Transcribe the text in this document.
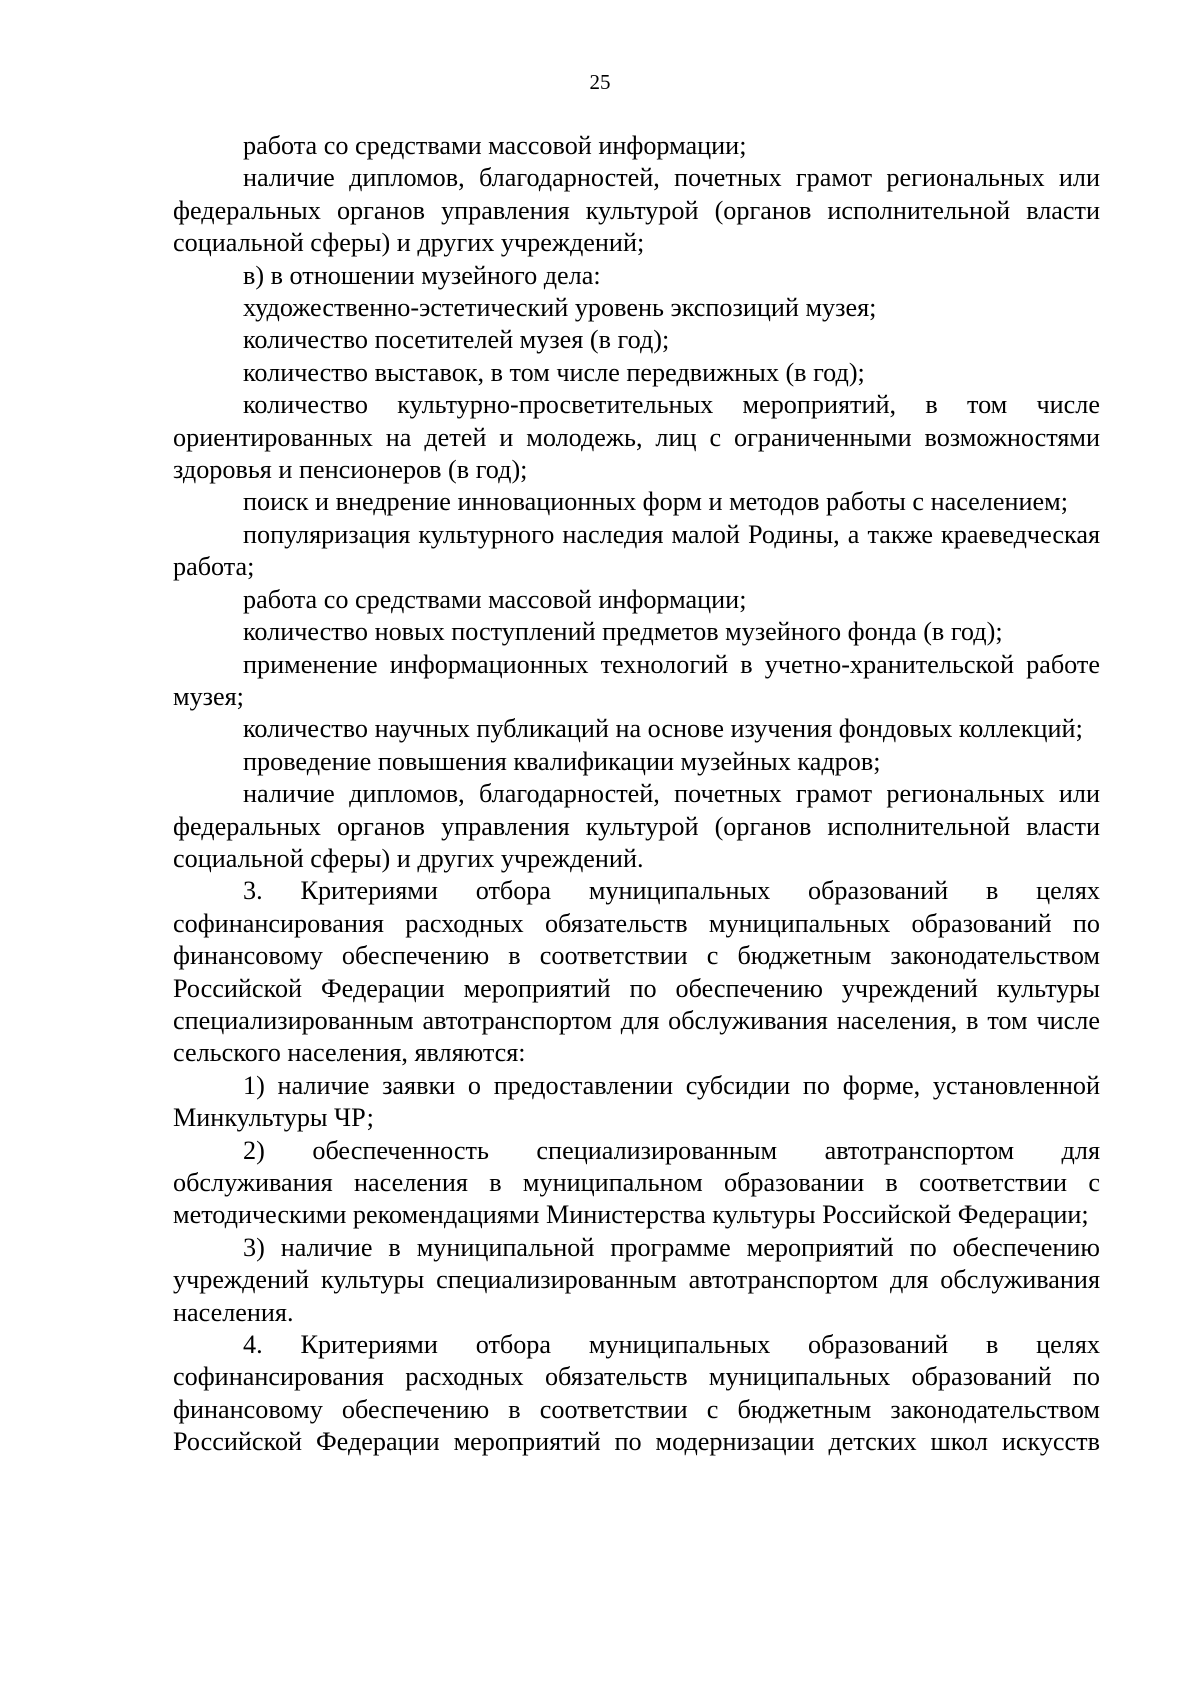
25

работа со средствами массовой информации;

наличие дипломов, благодарностей, почетных грамот региональных или федеральных органов управления культурой (органов исполнительной власти социальной сферы) и других учреждений;

в) в отношении музейного дела:

художественно-эстетический уровень экспозиций музея;

количество посетителей музея (в год);

количество выставок, в том числе передвижных (в год);

количество культурно-просветительных мероприятий, в том числе ориентированных на детей и молодежь, лиц с ограниченными возможностями здоровья и пенсионеров (в год);

поиск и внедрение инновационных форм и методов работы с населением;

популяризация культурного наследия малой Родины, а также краеведческая работа;

работа со средствами массовой информации;

количество новых поступлений предметов музейного фонда (в год);

применение информационных технологий в учетно-хранительской работе музея;

количество научных публикаций на основе изучения фондовых коллекций;

проведение повышения квалификации музейных кадров;

наличие дипломов, благодарностей, почетных грамот региональных или федеральных органов управления культурой (органов исполнительной власти социальной сферы) и других учреждений.

3. Критериями отбора муниципальных образований в целях софинансирования расходных обязательств муниципальных образований по финансовому обеспечению в соответствии с бюджетным законодательством Российской Федерации мероприятий по обеспечению учреждений культуры специализированным автотранспортом для обслуживания населения, в том числе сельского населения, являются:

1) наличие заявки о предоставлении субсидии по форме, установленной Минкультуры ЧР;

2) обеспеченность специализированным автотранспортом для обслуживания населения в муниципальном образовании в соответствии с методическими рекомендациями Министерства культуры Российской Федерации;

3) наличие в муниципальной программе мероприятий по обеспечению учреждений культуры специализированным автотранспортом для обслуживания населения.

4. Критериями отбора муниципальных образований в целях софинансирования расходных обязательств муниципальных образований по финансовому обеспечению в соответствии с бюджетным законодательством Российской Федерации мероприятий по модернизации детских школ искусств
